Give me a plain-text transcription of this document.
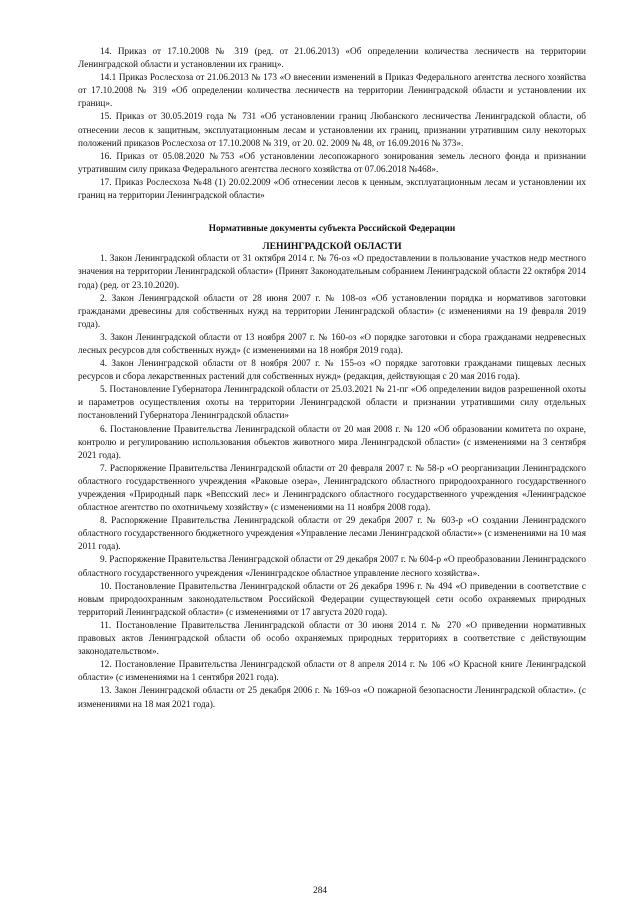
14. Приказ от 17.10.2008 № 319 (ред. от 21.06.2013) «Об определении количества лесничеств на территории Ленинградской области и установлении их границ».

14.1 Приказ Рослесхоза от 21.06.2013 № 173 «О внесении изменений в Приказ Федерального агентства лесного хозяйства от 17.10.2008 № 319 «Об определении количества лесничеств на территории Ленинградской области и установлении их границ».

15. Приказ от 30.05.2019 года № 731 «Об установлении границ Любанского лесничества Ленинградской области, об отнесении лесов к защитным, эксплуатационным лесам и установлении их границ, признании утратившим силу некоторых положений приказов Рослесхоза от 17.10.2008 № 319, от 20. 02. 2009 № 48, от 16.09.2016 № 373».

16. Приказ от 05.08.2020 №753 «Об установлении лесопожарного зонирования земель лесного фонда и признании утратившим силу приказа Федерального агентства лесного хозяйства от 07.06.2018 №468».

17. Приказ Рослесхоза №48 (1) 20.02.2009 «Об отнесении лесов к ценным, эксплуатационным лесам и установлении их границ на территории Ленинградской области»

Нормативные документы субъекта Российской Федерации

ЛЕНИНГРАДСКОЙ ОБЛАСТИ

1. Закон Ленинградской области от 31 октября 2014 г. № 76-оз «О предоставлении в пользование участков недр местного значения на территории Ленинградской области» (Принят Законодательным собранием Ленинградской области 22 октября 2014 года) (ред. от 23.10.2020).

2. Закон Ленинградской области от 28 июня 2007 г. № 108-оз «Об установлении порядка и нормативов заготовки гражданами древесины для собственных нужд на территории Ленинградской области» (с изменениями на 19 февраля 2019 года).

3. Закон Ленинградской области от 13 ноября 2007 г. № 160-оз «О порядке заготовки и сбора гражданами недревесных лесных ресурсов для собственных нужд» (с изменениями на 18 ноября 2019 года).

4. Закон Ленинградской области от 8 ноября 2007 г. № 155-оз «О порядке заготовки гражданами пищевых лесных ресурсов и сбора лекарственных растений для собственных нужд» (редакция, действующая с 20 мая 2016 года).

5. Постановление Губернатора Ленинградской области от 25.03.2021 № 21-пг «Об определении видов разрешенной охоты и параметров осуществления охоты на территории Ленинградской области и признании утратившими силу отдельных постановлений Губернатора Ленинградской области»

6. Постановление Правительства Ленинградской области от 20 мая 2008 г. № 120 «Об образовании комитета по охране, контролю и регулированию использования объектов животного мира Ленинградской области» (с изменениями на 3 сентября 2021 года).

7. Распоряжение Правительства Ленинградской области от 20 февраля 2007 г. № 58-р «О реорганизации Ленинградского областного государственного учреждения «Раковые озера», Ленинградского областного природоохранного государственного учреждения «Природный парк «Вепсский лес» и Ленинградского областного государственного учреждения «Ленинградское областное агентство по охотничьему хозяйству» (с изменениями на 11 ноября 2008 года).

8. Распоряжение Правительства Ленинградской области от 29 декабря 2007 г. № 603-р «О создании Ленинградского областного государственного бюджетного учреждения «Управление лесами Ленинградской области»» (с изменениями на 10 мая 2011 года).

9. Распоряжение Правительства Ленинградской области от 29 декабря 2007 г. № 604-р «О преобразовании Ленинградского областного государственного учреждения «Ленинградское областное управление лесного хозяйства».

10. Постановление Правительства Ленинградской области от 26 декабря 1996 г. № 494 «О приведении в соответствие с новым природоохранным законодательством Российской Федерации существующей сети особо охраняемых природных территорий Ленинградской области» (с изменениями от 17 августа 2020 года).

11. Постановление Правительства Ленинградской области от 30 июня 2014 г. № 270 «О приведении нормативных правовых актов Ленинградской области об особо охраняемых природных территориях в соответствие с действующим законодательством».

12. Постановление Правительства Ленинградской области от 8 апреля 2014 г. № 106 «О Красной книге Ленинградской области» (с изменениями на 1 сентября 2021 года).

13. Закон Ленинградской области от 25 декабря 2006 г. № 169-оз «О пожарной безопасности Ленинградской области». (с изменениями на 18 мая 2021 года).

284
